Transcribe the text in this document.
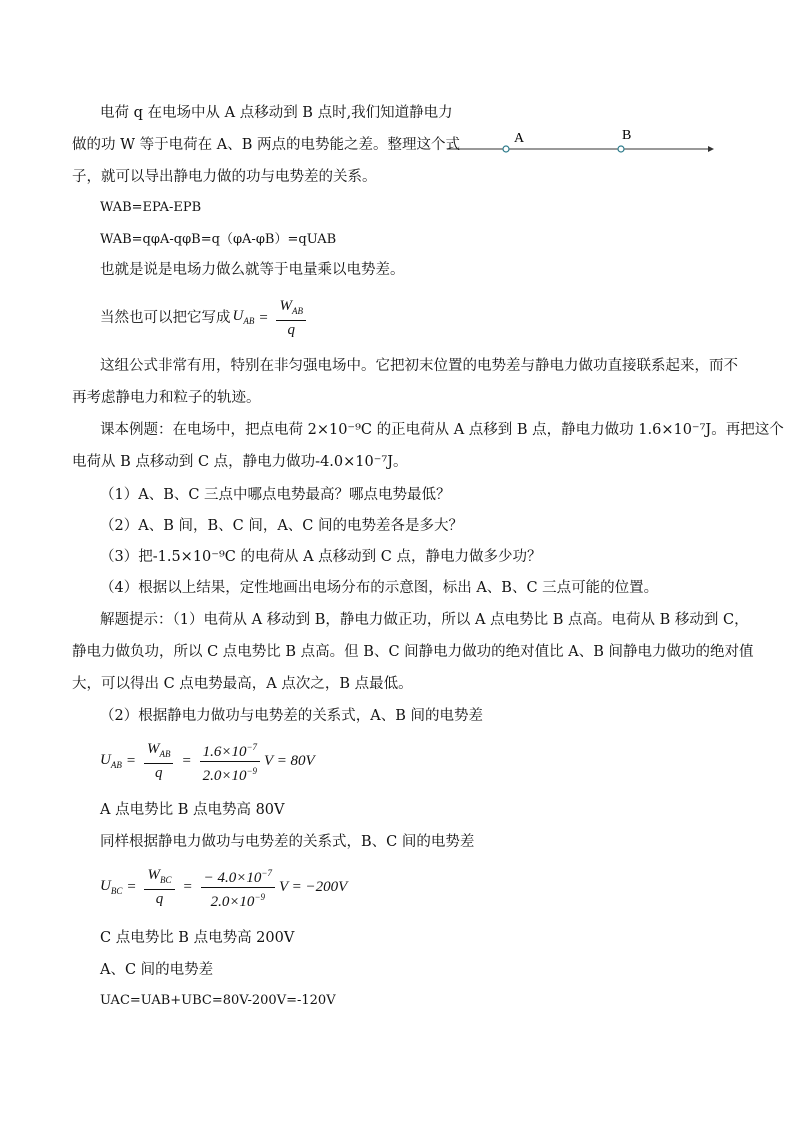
电荷 q 在电场中从 A 点移动到 B 点时,我们知道静电力
做的功 W 等于电荷在 A、B 两点的电势能之差。整理这个式
子，就可以导出静电力做的功与电势差的关系。
A	B
WAB=EPA-EPB
WAB=qφA-qφB=q（φA-φB）=qUAB
也就是说是电场力做么就等于电量乘以电势差。
当然也可以把它写成 $U_{AB} = \frac{W_{AB}}{q}$
这组公式非常有用，特别在非匀强电场中。它把初末位置的电势差与静电力做功直接联系起来，而不
再考虑静电力和粒子的轨迹。
课本例题：在电场中，把点电荷 2×10⁻⁹C 的正电荷从 A 点移到 B 点，静电力做功 1.6×10⁻⁷J。再把这个
电荷从 B 点移动到 C 点，静电力做功-4.0×10⁻⁷J。
（1）A、B、C 三点中哪点电势最高？哪点电势最低？
（2）A、B 间，B、C 间，A、C 间的电势差各是多大？
（3）把-1.5×10⁻⁹C 的电荷从 A 点移动到 C 点，静电力做多少功？
（4）根据以上结果，定性地画出电场分布的示意图，标出 A、B、C 三点可能的位置。
解题提示：（1）电荷从 A 移动到 B，静电力做正功，所以 A 点电势比 B 点高。电荷从 B 移动到 C，
静电力做负功，所以 C 点电势比 B 点高。但 B、C 间静电力做功的绝对值比 A、B 间静电力做功的绝对值
大，可以得出 C 点电势最高，A 点次之，B 点最低。
（2）根据静电力做功与电势差的关系式，A、B 间的电势差
$U_{AB} = \frac{W_{AB}}{q} = \frac{1.6\times 10^{-7}}{2.0\times 10^{-9}}$ V = 80V
A 点电势比 B 点电势高 80V
同样根据静电力做功与电势差的关系式，B、C 间的电势差
$U_{BC} = \frac{W_{BC}}{q} = \frac{- 4.0\times 10^{-7}}{2.0\times 10^{-9}}$ V = −200V
C 点电势比 B 点电势高 200V
A、C 间的电势差
UAC=UAB+UBC=80V-200V=-120V
